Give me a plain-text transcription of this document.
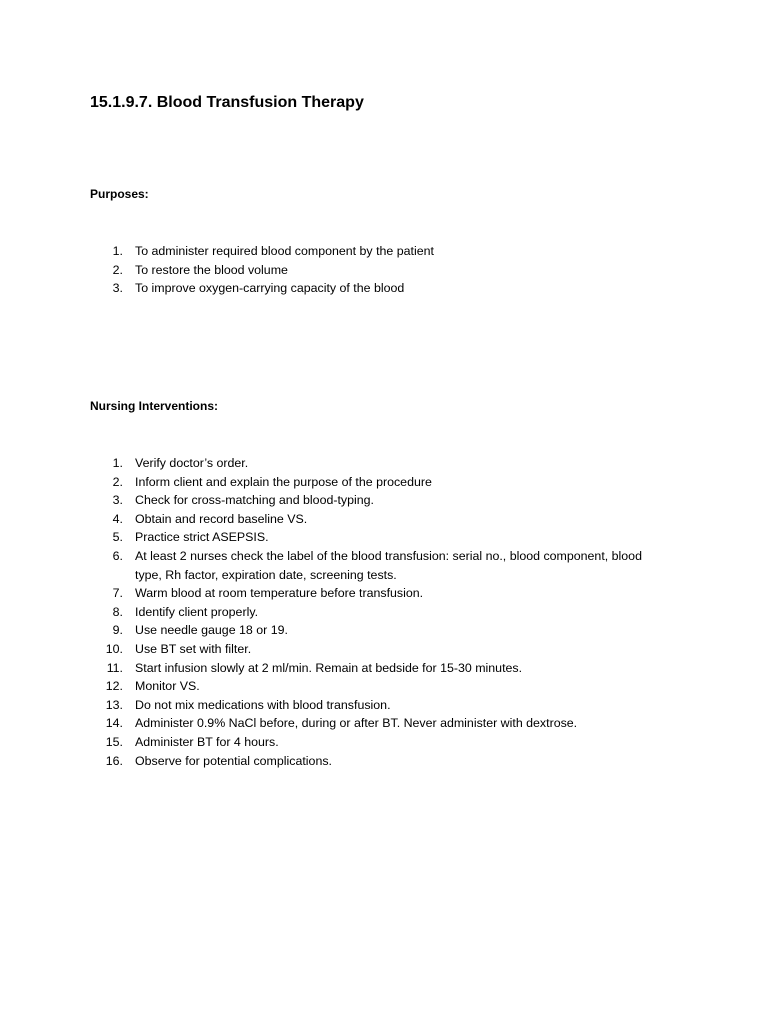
15.1.9.7. Blood Transfusion Therapy
Purposes:
1. To administer required blood component by the patient
2. To restore the blood volume
3. To improve oxygen-carrying capacity of the blood
Nursing Interventions:
1. Verify doctor’s order.
2. Inform client and explain the purpose of the procedure
3. Check for cross-matching and blood-typing.
4. Obtain and record baseline VS.
5. Practice strict ASEPSIS.
6. At least 2 nurses check the label of the blood transfusion: serial no., blood component, blood type, Rh factor, expiration date, screening tests.
7. Warm blood at room temperature before transfusion.
8. Identify client properly.
9. Use needle gauge 18 or 19.
10. Use BT set with filter.
11. Start infusion slowly at 2 ml/min. Remain at bedside for 15-30 minutes.
12. Monitor VS.
13. Do not mix medications with blood transfusion.
14. Administer 0.9% NaCl before, during or after BT. Never administer with dextrose.
15. Administer BT for 4 hours.
16. Observe for potential complications.
